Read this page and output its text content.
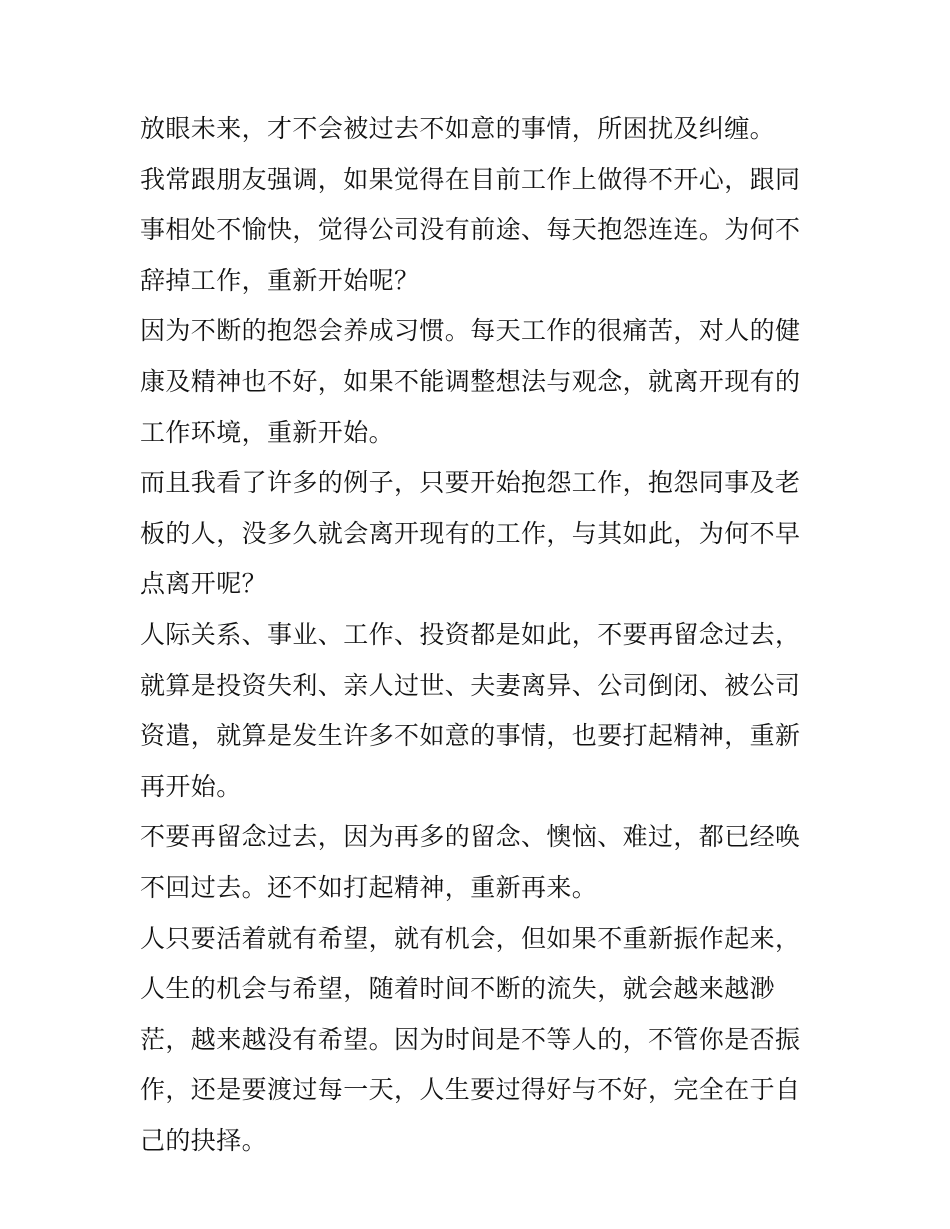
放眼未来，才不会被过去不如意的事情，所困扰及纠缠。

我常跟朋友强调，如果觉得在目前工作上做得不开心，跟同事相处不愉快，觉得公司没有前途、每天抱怨连连。为何不辞掉工作，重新开始呢？

因为不断的抱怨会养成习惯。每天工作的很痛苦，对人的健康及精神也不好，如果不能调整想法与观念，就离开现有的工作环境，重新开始。

而且我看了许多的例子，只要开始抱怨工作，抱怨同事及老板的人，没多久就会离开现有的工作，与其如此，为何不早点离开呢？

人际关系、事业、工作、投资都是如此，不要再留念过去，就算是投资失利、亲人过世、夫妻离异、公司倒闭、被公司资遣，就算是发生许多不如意的事情，也要打起精神，重新再开始。

不要再留念过去，因为再多的留念、懊恼、难过，都已经唤不回过去。还不如打起精神，重新再来。

人只要活着就有希望，就有机会，但如果不重新振作起来，人生的机会与希望，随着时间不断的流失，就会越来越渺茫，越来越没有希望。因为时间是不等人的，不管你是否振作，还是要渡过每一天，人生要过得好与不好，完全在于自己的抉择。
